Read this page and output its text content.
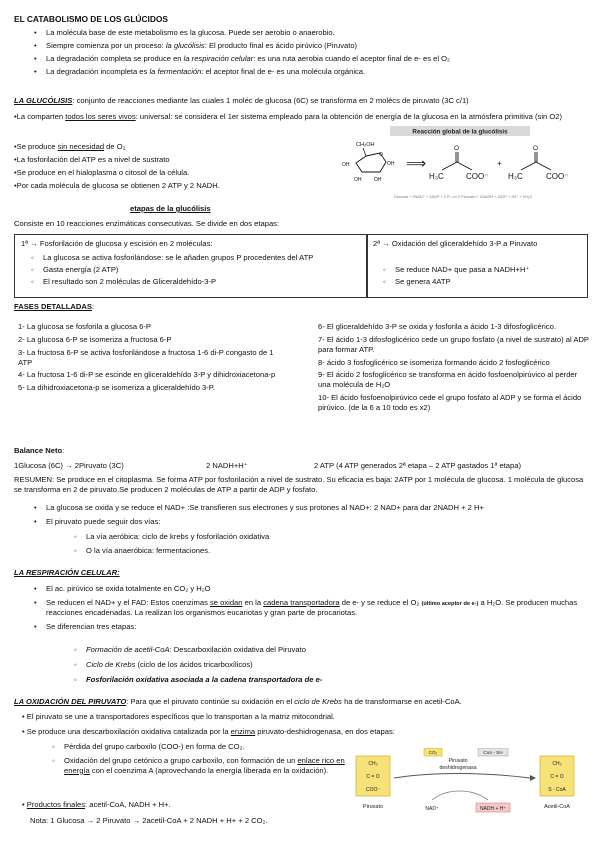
EL CATABOLISMO DE LOS GLÚCIDOS
• La molécula base de este metabolismo es la glucosa. Puede ser aerobio o anaerobio.
• Siempre comienza por un proceso: la glucólisis: El producto final es ácido pirúvico (Piruvato)
• La degradación completa se produce en la respiración celular: es una ruta aerobia cuando el aceptor final de e- es el O₂
• La degradación incompleta es la fermentación: el aceptor final de e- es una molécula orgánica.
LA GLUCÓLISIS: conjunto de reacciones mediante las cuales 1 moléc de glucosa (6C) se transforma en 2 molécs de piruvato (3C c/1)
•La comparten todos los seres vivos: universal: se considera el 1er sistema empleado para la obtención de energía de la glucosa en la atmósfera primitiva (sin O2)
•Se produce sin necesidad de O₂
•La fosforilación del ATP es a nivel de sustrato
•Se produce en el hialoplasma o citosol de la célula.
•Por cada molécula de glucosa se obtienen 2 ATP y 2 NADH.
Reacción global de la glucólisis
CH₂OH
O
OH
OH
OH	OH
⟹
O
H₃C	COO⁻
+
O
H₃C	COO⁻
Glucosa + 2NAD⁺ + 2ADP + 2 Pᵢ ⟹ 2 Piruvato + 2NADH + 2ATP + 2H⁺ + 2H₂O
etapas de la glucólisis
Consiste en 10 reacciones enzimáticas consecutivas. Se divide en dos etapas:
1ª → Fosforilación de glucosa y escisión en 2 moléculas:
◦ La glucosa se activa fosforilándose: se le añaden grupos P procedentes del ATP
◦ Gasta energía (2 ATP)
◦ El resultado son 2 moléculas de Gliceraldehído-3-P
2ª → Oxidación del gliceraldehído 3-P a Piruvato
◦ Se reduce NAD+ que pasa a NADH+H⁺
◦ Se genera 4ATP
FASES DETALLADAS:
1- La glucosa se fosforila a glucosa 6-P
2- La glucosa 6-P se isomeriza a fructosa 6-P
3- La fructosa 6-P se activa fosforilándose a fructosa 1-6 di-P congasto de 1 ATP
4- La fructosa 1-6 di-P se escinde en gliceraldehído 3-P y dihidroxiacetona-p
5- La dihidroxiacetona-p se isomeriza a gliceraldehído 3-P.
6- El gliceraldehído 3-P se oxida y fosforila a ácido 1-3 difosfoglicérico.
7- El ácido 1-3 difosfoglicérico cede un grupo fosfato (a nivel de sustrato) al ADP para formar ATP.
8- ácido 3 fosfoglicérico se isomeriza formando ácido 2 fosfoglicérico
9- El ácido 2 fosfoglicérico se transforma en ácido fosfoenolpirúvico al perder una molécula de H₂O
10- El ácido fosfoenolpirúvico cede el grupo fosfato al ADP y se forma el ácido pirúvico. (de la 6 a 10 todo es x2)
Balance Neto:
1Glucosa (6C) → 2Piruvato (3C)	2 NADH+H⁺	2 ATP (4 ATP generados 2ª etapa – 2 ATP gastados 1ª etapa)
RESUMEN: Se produce en el citoplasma. Se forma ATP por fosforilación a nivel de sustrato. Su eficacia es baja: 2ATP por 1 molécula de glucosa. 1 molécula de glucosa se transforma en 2 de piruvato.Se producen 2 moléculas de ATP a partir de ADP y fosfato.
• La glucosa se oxida y se reduce el NAD+ :Se transfieren sus electrones y sus protones al NAD+: 2 NAD+ para dar 2NADH + 2 H+
• El piruvato puede seguir dos vías:
◦ La vía aeróbica: ciclo de krebs y fosforilación oxidativa
◦ O la vía anaeróbica: fermentaciones.
LA RESPIRACIÓN CELULAR:
• El ac. pirúvico se oxida totalmente en CO₂ y H₂O
• Se reducen el NAD+ y el FAD: Estos coenzimas se oxidan en la cadena transportadora de e- y se reduce el O₂ (último aceptor de e-) a H₂O. Se producen muchas reacciones encadenadas. La realizan los organismos eucariotas y gran parte de procariotas.
• Se diferencian tres etapas:
◦ Formación de acetil-CoA: Descarboxilación oxidativa del Piruvato
◦ Ciclo de Krebs (ciclo de los ácidos tricarboxílicos)
◦ Fosforilación oxidativa asociada a la cadena transportadora de e-
LA OXIDACIÓN DEL PIRUVATO: Para que el piruvato continúe su oxidación en el ciclo de Krebs ha de transformarse en acetil-CoA.
• El piruvato se une a transportadores específicos que lo transportan a la matriz mitocondrial.
• Se produce una descarboxilación oxidativa catalizada por la enzima piruvato-deshidrogenasa, en dos etapas:
◦ Pérdida del grupo carboxilo (COO-) en forma de CO₂.
◦ Oxidación del grupo cetónico a grupo carboxilo, con formación de un enlace rico en energía con el coenzima A (aprovechando la energía liberada en la oxidación).
• Productos finales: acetil-CoA, NADH + H+.
Nota: 1 Glucosa → 2 Piruvato → 2acetil-CoA + 2 NADH + H+ + 2 CO₂.
CH₃
C = O
COO⁻
Piruvato
Piruvato
deshidrogenasa
CO₂	CoA - SH
NAD⁺	NADH + H⁺
CH₃
C = O
S - CoA
Acetil-CoA
